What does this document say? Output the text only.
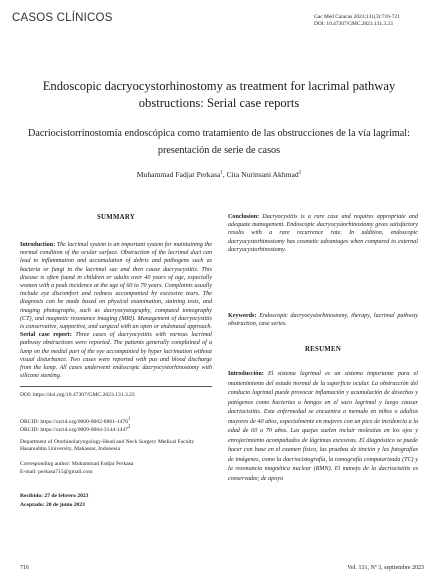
CASOS CLÍNICOS	Gac Méd Caracas 2023;131(3):716-721
DOI: 10.47307/GMC.2023.131.3.23
Endoscopic dacryocystorhinostomy as treatment for lacrimal pathway obstructions: Serial case reports
Dacriocistorrinostomía endoscópica como tratamiento de las obstrucciones de la vía lagrimal: presentación de serie de casos
Muhammad Fadjar Perkasa$^1$, Cita Nurinsani Akhmad$^2$
SUMMARY
Introduction: The lacrimal system is an important system for maintaining the normal condition of the ocular surface. Obstruction of the lacrimal duct can lead to inflammation and accumulation of debris and pathogens such as bacteria or fungi in the lacrimal sac and then cause dacryocystitis. This disease is often found in children or adults over 40 years of age, especially women with a peak incidence at the age of 60 to 70 years. Complaints usually include eye discomfort and redness accompanied by excessive tears. The diagnosis can be made based on physical examination, staining tests, and imaging photographs, such as dacryocystography, computed tomography (CT), and magnetic resonance imaging (MRI). Management of dacryocystitis is conservative, supportive, and surgical with an open or endonasal approach. Serial case report: Three cases of dacryocystitis with various lacrimal pathway obstructions were reported. The patients generally complained of a lump on the medial part of the eye accompanied by hyper lacrimation without visual disturbance. Two cases were reported with pus and blood discharge from the lump. All cases underwent endoscopic dacryocystorhinostomy with silicone stenting.
DOI: https://doi.org/10.47307/GMC.2023.131.3.23
ORCID: https://orcid.org/0000-0002-8861-1476$^1$
ORCID: https://orcid.org/0009-0004-3144-1447$^2$
Department of Otorhinolaryngology-Head and Neck Surgery Medical Faculty Hasanuddin University, Makassar, Indonesia
Corresponding author: Muhammad Fadjar Perkasa
E-mail: perkasa715@gmail.com
Recibido: 27 de febrero 2023
Aceptado: 20 de junio 2023
Conclusion: Dacryocystitis is a rare case and requires appropriate and adequate management. Endoscopic dacryocystorhinostomy gives satisfactory results with a rare recurrence rate. In addition, endoscopic dacryocystorhinostomy has cosmetic advantages when compared to external dacryocystorhinostomy.
Keywords: Endoscopic dacryocystorhinostomy, therapy, lacrimal pathway obstruction, case series.
RESUMEN
Introducción: El sistema lagrimal es un sistema importante para el mantenimiento del estado normal de la superficie ocular. La obstrucción del conducto lagrimal puede provocar inflamación y acumulación de desechos y patógenos como bacterias u hongos en el saco lagrimal y luego causar dacriocistitis. Esta enfermedad se encuentra a menudo en niños o adultos mayores de 40 años, especialmente en mujeres con un pico de incidencia a la edad de 60 a 70 años. Las quejas suelen incluir molestias en los ojos y enrojecimiento acompañados de lágrimas excesivas. El diagnóstico se puede hacer con base en el examen físico, las pruebas de tinción y las fotografías de imágenes, como la dacriocistografía, la tomografía computarizada (TC) y la resonancia magnética nuclear (RMN). El manejo de la dacriocistitis es conservador, de apoyo
716	Vol. 131, Nº 3, septiembre 2023
